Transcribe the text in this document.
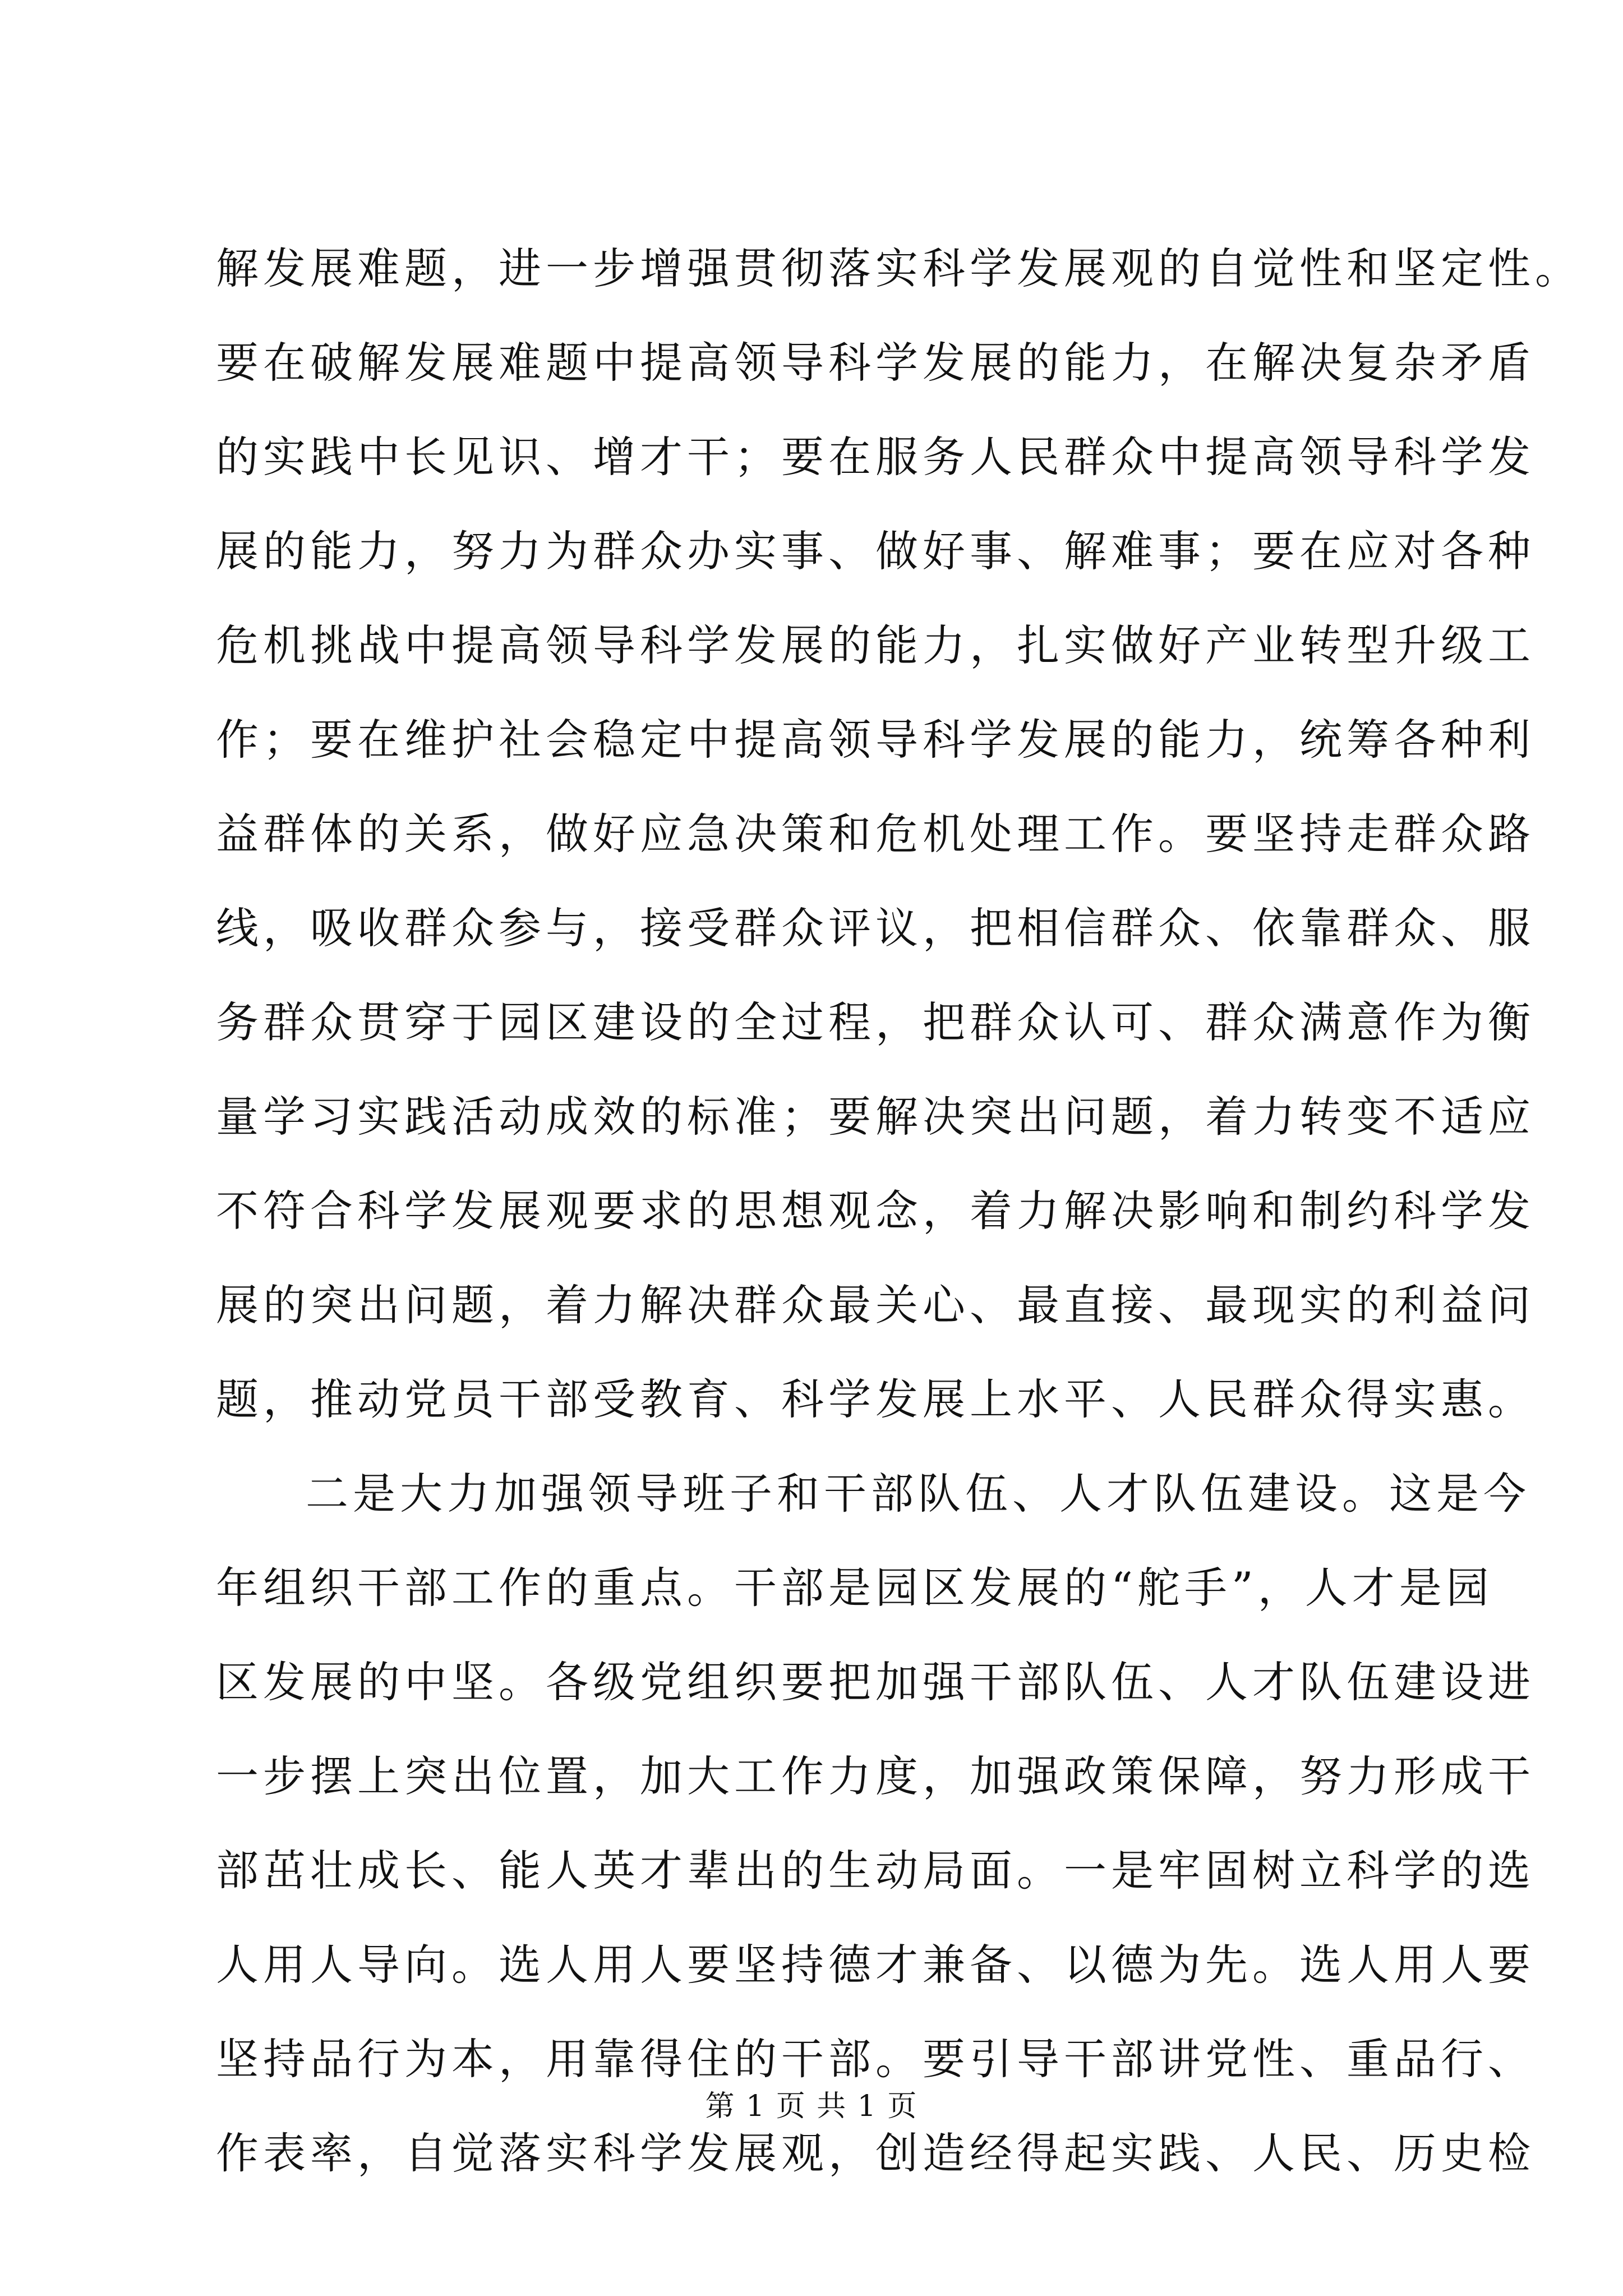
解发展难题，进一步增强贯彻落实科学发展观的自觉性和坚定性。
要在破解发展难题中提高领导科学发展的能力，在解决复杂矛盾
的实践中长见识、增才干；要在服务人民群众中提高领导科学发
展的能力，努力为群众办实事、做好事、解难事；要在应对各种
危机挑战中提高领导科学发展的能力，扎实做好产业转型升级工
作；要在维护社会稳定中提高领导科学发展的能力，统筹各种利
益群体的关系，做好应急决策和危机处理工作。要坚持走群众路
线，吸收群众参与，接受群众评议，把相信群众、依靠群众、服
务群众贯穿于园区建设的全过程，把群众认可、群众满意作为衡
量学习实践活动成效的标准；要解决突出问题，着力转变不适应
不符合科学发展观要求的思想观念，着力解决影响和制约科学发
展的突出问题，着力解决群众最关心、最直接、最现实的利益问
题，推动党员干部受教育、科学发展上水平、人民群众得实惠。
二是大力加强领导班子和干部队伍、人才队伍建设。这是今
年组织干部工作的重点。干部是园区发展的“舵手”，人才是园
区发展的中坚。各级党组织要把加强干部队伍、人才队伍建设进
一步摆上突出位置，加大工作力度，加强政策保障，努力形成干
部茁壮成长、能人英才辈出的生动局面。一是牢固树立科学的选
人用人导向。选人用人要坚持德才兼备、以德为先。选人用人要
坚持品行为本，用靠得住的干部。要引导干部讲党性、重品行、
作表率，自觉落实科学发展观，创造经得起实践、人民、历史检
第 1 页 共 1 页
